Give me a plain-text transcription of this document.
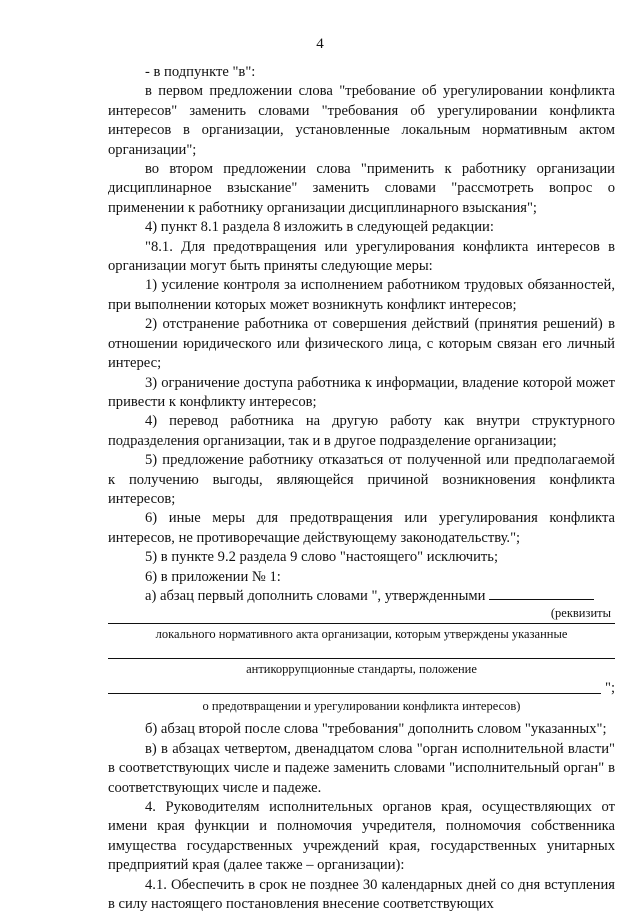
4

- в подпункте "в":

в первом предложении слова "требование об урегулировании конфликта интересов" заменить словами "требования об урегулировании конфликта интересов в организации, установленные локальным нормативным актом организации";

во втором предложении слова "применить к работнику организации дисциплинарное взыскание" заменить словами "рассмотреть вопрос о применении к работнику организации дисциплинарного взыскания";

4) пункт 8.1 раздела 8 изложить в следующей редакции:

"8.1. Для предотвращения или урегулирования конфликта интересов в организации могут быть приняты следующие меры:

1) усиление контроля за исполнением работником трудовых обязанностей, при выполнении которых может возникнуть конфликт интересов;

2) отстранение работника от совершения действий (принятия решений) в отношении юридического или физического лица, с которым связан его личный интерес;

3) ограничение доступа работника к информации, владение которой может привести к конфликту интересов;

4) перевод работника на другую работу как внутри структурного подразделения организации, так и в другое подразделение организации;

5) предложение работнику отказаться от полученной или предполагаемой к получению выгоды, являющейся причиной возникновения конфликта интересов;

6) иные меры для предотвращения или урегулирования конфликта интересов, не противоречащие действующему законодательству.";

5) в пункте 9.2 раздела 9 слово "настоящего" исключить;

6) в приложении № 1:

а) абзац первый дополнить словами ", утвержденными

(реквизиты

локального нормативного акта организации, которым утверждены указанные

антикоррупционные стандарты, положение

";

о предотвращении и урегулировании конфликта интересов)

б) абзац второй после слова "требования" дополнить словом "указанных";

в) в абзацах четвертом, двенадцатом слова "орган исполнительной власти" в соответствующих числе и падеже заменить словами "исполнительный орган" в соответствующих числе и падеже.

4. Руководителям исполнительных органов края, осуществляющих от имени края функции и полномочия учредителя, полномочия собственника имущества государственных учреждений края, государственных унитарных предприятий края (далее также – организации):

4.1. Обеспечить в срок не позднее 30 календарных дней со дня вступления в силу настоящего постановления внесение соответствующих
